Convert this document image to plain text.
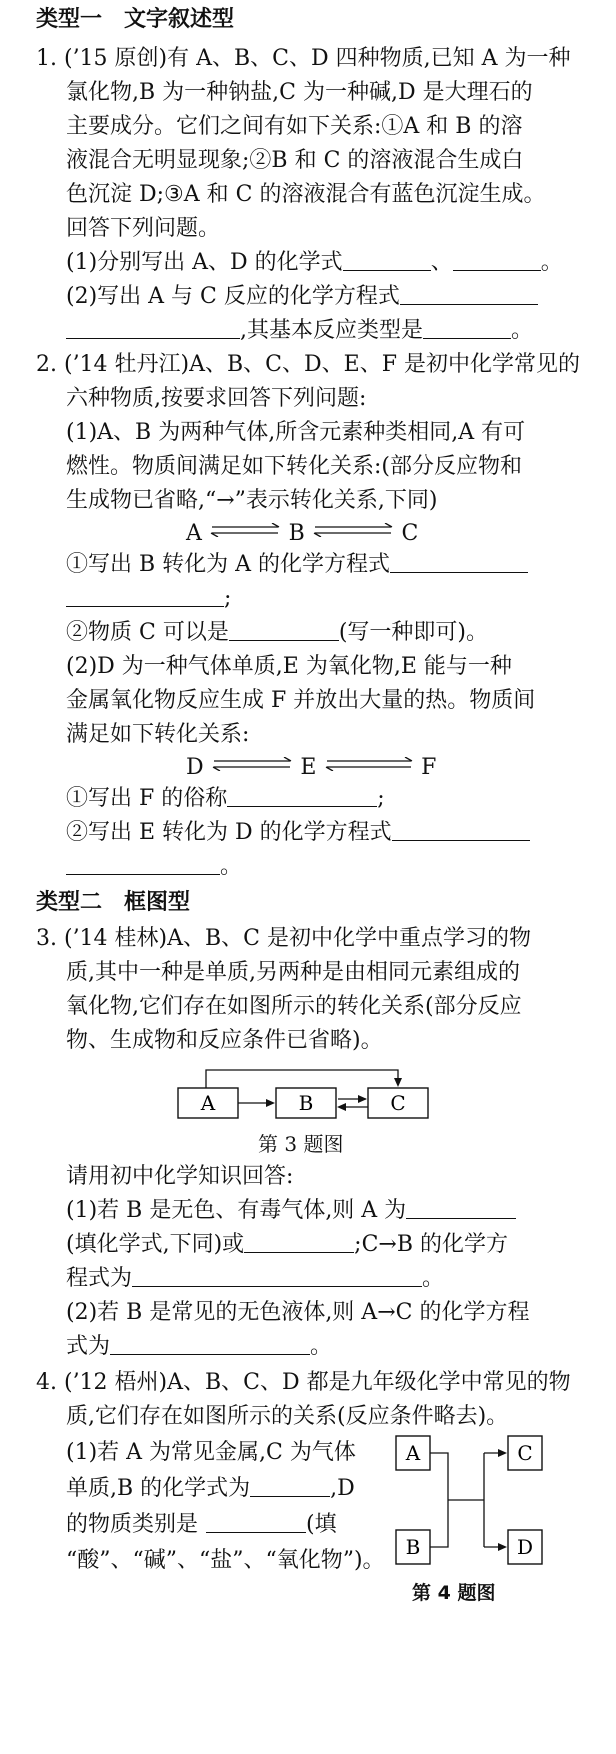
类型一　文字叙述型
1. (’15 原创)有 A、B、C、D 四种物质,已知 A 为一种
氯化物,B 为一种钠盐,C 为一种碱,D 是大理石的
主要成分。它们之间有如下关系:①A 和 B 的溶
液混合无明显现象;②B 和 C 的溶液混合生成白
色沉淀 D;③A 和 C 的溶液混合有蓝色沉淀生成。
回答下列问题。
(1)分别写出 A、D 的化学式	、	。
(2)写出 A 与 C 反应的化学方程式
,其基本反应类型是	。
2. (’14 牡丹江)A、B、C、D、E、F 是初中化学常见的
六种物质,按要求回答下列问题:
(1)A、B 为两种气体,所含元素种类相同,A 有可
燃性。物质间满足如下转化关系:(部分反应物和
生成物已省略,“→”表示转化关系,下同)
A	B	C
①写出 B 转化为 A 的化学方程式
;
②物质 C 可以是	(写一种即可)。
(2)D 为一种气体单质,E 为氧化物,E 能与一种
金属氧化物反应生成 F 并放出大量的热。物质间
满足如下转化关系:
D	E	F
①写出 F 的俗称	;
②写出 E 转化为 D 的化学方程式
。
类型二　框图型
3. (’14 桂林)A、B、C 是初中化学中重点学习的物
质,其中一种是单质,另两种是由相同元素组成的
氧化物,它们存在如图所示的转化关系(部分反应
物、生成物和反应条件已省略)。
A	B	C
第 3 题图
请用初中化学知识回答:
(1)若 B 是无色、有毒气体,则 A 为
(填化学式,下同)或	;C→B 的化学方
程式为	。
(2)若 B 是常见的无色液体,则 A→C 的化学方程
式为	。
4. (’12 梧州)A、B、C、D 都是九年级化学中常见的物
质,它们存在如图所示的关系(反应条件略去)。
(1)若 A 为常见金属,C 为气体
单质,B 的化学式为	,D
的物质类别是	(填
“酸”、“碱”、“盐”、“氧化物”)。
A
B
C
D
第 4 题图
